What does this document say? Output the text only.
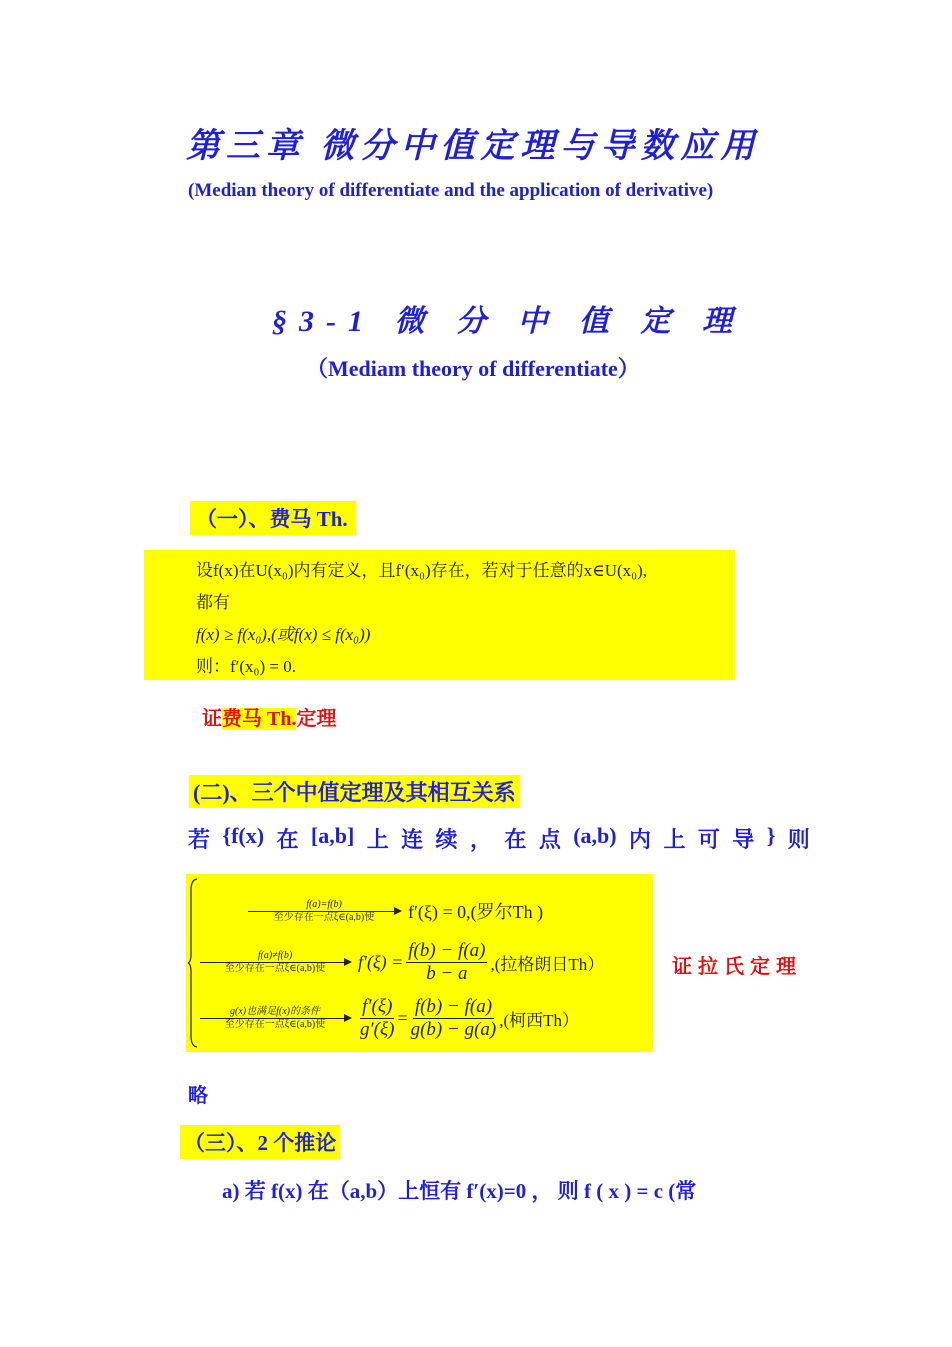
第三章 微分中值定理与导数应用
(Median theory of differentiate and the application of derivative)
§3-1 微 分 中 值 定 理
（Mediam theory of differentiate）
（一）、费马 Th.
设f(x)在U(x₀)内有定义，且f′(x₀)存在，若对于任意的x∈U(x₀),
都有
f(x) ≥ f(x₀),(或f(x) ≤ f(x₀))
则：f′(x₀) = 0.
证费马 Th.定理
(二)、三个中值定理及其相互关系
若 {f(x) 在 [a,b] 上 连 续 ， 在 点 (a,b) 内 上 可 导 } 则
f(a)=f(b)
至少存在一点ξ∈(a,b)使	f′(ξ) = 0,(罗尔Th )
f(a)≠f(b)
至少存在一点ξ∈(a,b)使	$f'(\xi) = \frac{f(b) - f(a)}{b - a}$ ,(拉格朗日Th）
g(x)也满足f(x)的条件
至少存在一点ξ∈(a,b)使	$\frac{f'(\xi)}{g'(\xi)} = \frac{f(b) - f(a)}{g(b) - g(a)}$ ,(柯西Th）
证拉氏定理
略
（三）、2 个推论
a) 若 f(x) 在（a,b）上恒有 f′(x)=0 ， 则 f ( x ) = c (常
